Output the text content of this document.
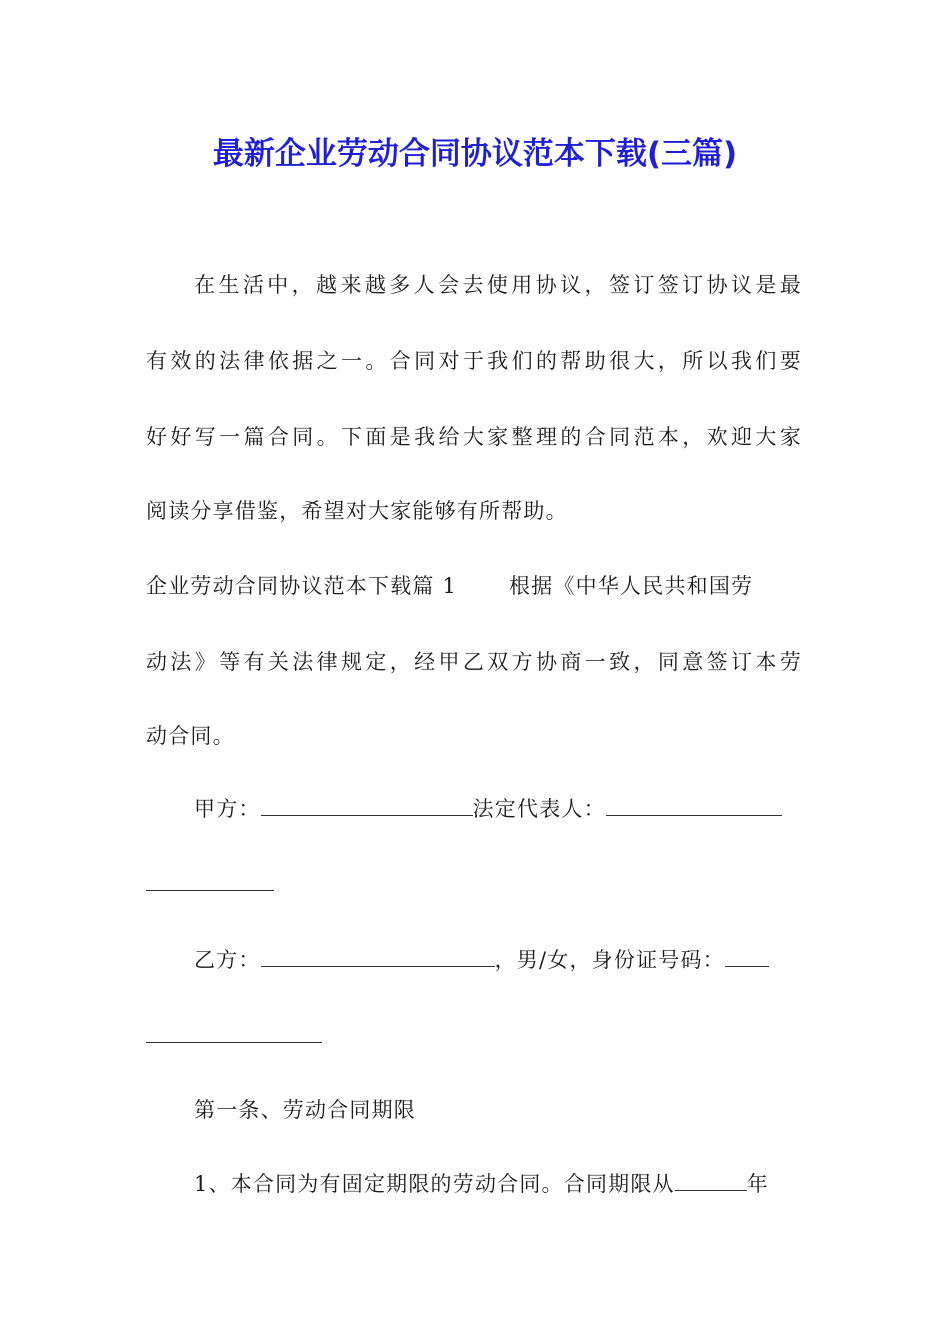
最新企业劳动合同协议范本下载(三篇)
在生活中，越来越多人会去使用协议，签订签订协议是最
有效的法律依据之一。合同对于我们的帮助很大，所以我们要
好好写一篇合同。下面是我给大家整理的合同范本，欢迎大家
阅读分享借鉴，希望对大家能够有所帮助。
企业劳动合同协议范本下载篇 1 根据《中华人民共和国劳
动法》等有关法律规定，经甲乙双方协商一致，同意签订本劳
动合同。
甲方：	法定代表人：
乙方：	，男/女，身份证号码：
第一条、劳动合同期限
1、本合同为有固定期限的劳动合同。合同期限从	年
